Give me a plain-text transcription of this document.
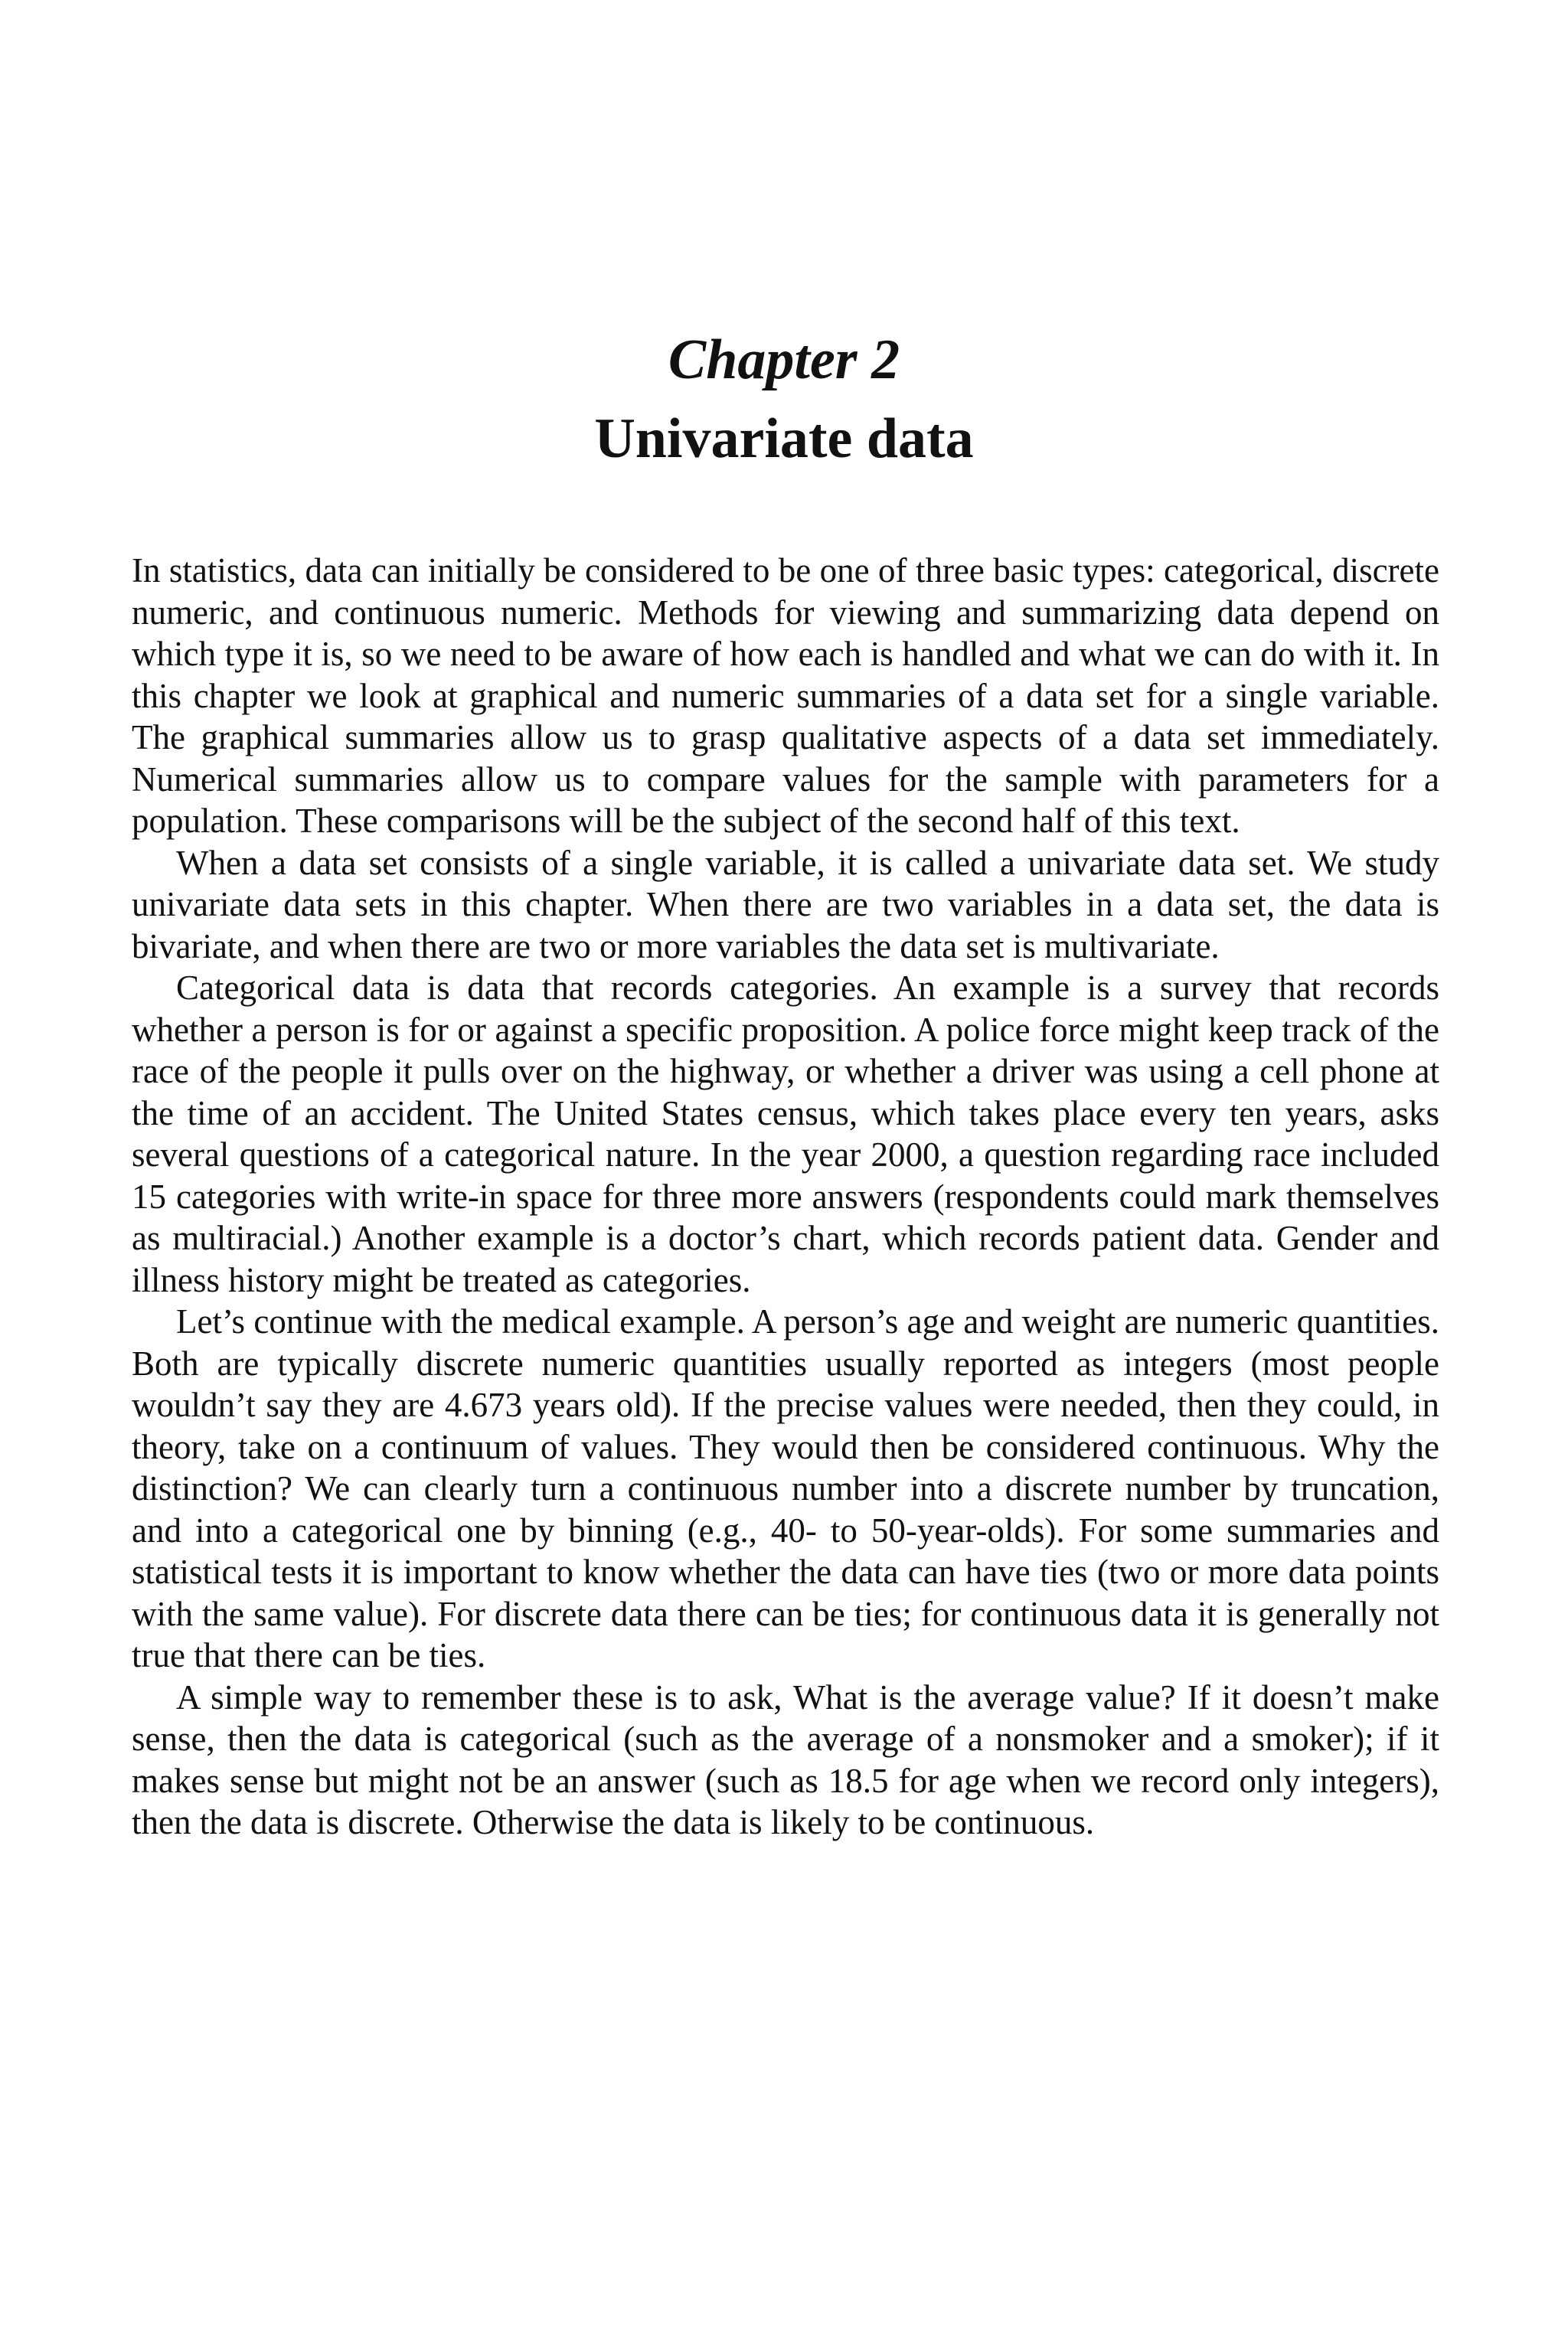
Chapter 2
Univariate data

In statistics, data can initially be considered to be one of three basic types: categorical, discrete numeric, and continuous numeric. Methods for viewing and summarizing data depend on which type it is, so we need to be aware of how each is handled and what we can do with it. In this chapter we look at graphical and numeric summaries of a data set for a single variable. The graphical summaries allow us to grasp qualitative aspects of a data set immediately. Numerical summaries allow us to compare values for the sample with parameters for a population. These comparisons will be the subject of the second half of this text.

When a data set consists of a single variable, it is called a univariate data set. We study univariate data sets in this chapter. When there are two variables in a data set, the data is bivariate, and when there are two or more variables the data set is multivariate.

Categorical data is data that records categories. An example is a survey that records whether a person is for or against a specific proposition. A police force might keep track of the race of the people it pulls over on the highway, or whether a driver was using a cell phone at the time of an accident. The United States census, which takes place every ten years, asks several questions of a categorical nature. In the year 2000, a question regarding race included 15 categories with write-in space for three more answers (respondents could mark themselves as multiracial.) Another example is a doctor’s chart, which records patient data. Gender and illness history might be treated as categories.

Let’s continue with the medical example. A person’s age and weight are numeric quantities. Both are typically discrete numeric quantities usually reported as integers (most people wouldn’t say they are 4.673 years old). If the precise values were needed, then they could, in theory, take on a continuum of values. They would then be considered continuous. Why the distinction? We can clearly turn a continuous number into a discrete number by truncation, and into a categorical one by binning (e.g., 40- to 50-year-olds). For some summaries and statistical tests it is important to know whether the data can have ties (two or more data points with the same value). For discrete data there can be ties; for continuous data it is generally not true that there can be ties.

A simple way to remember these is to ask, What is the average value? If it doesn’t make sense, then the data is categorical (such as the average of a nonsmoker and a smoker); if it makes sense but might not be an answer (such as 18.5 for age when we record only integers), then the data is discrete. Otherwise the data is likely to be continuous.
